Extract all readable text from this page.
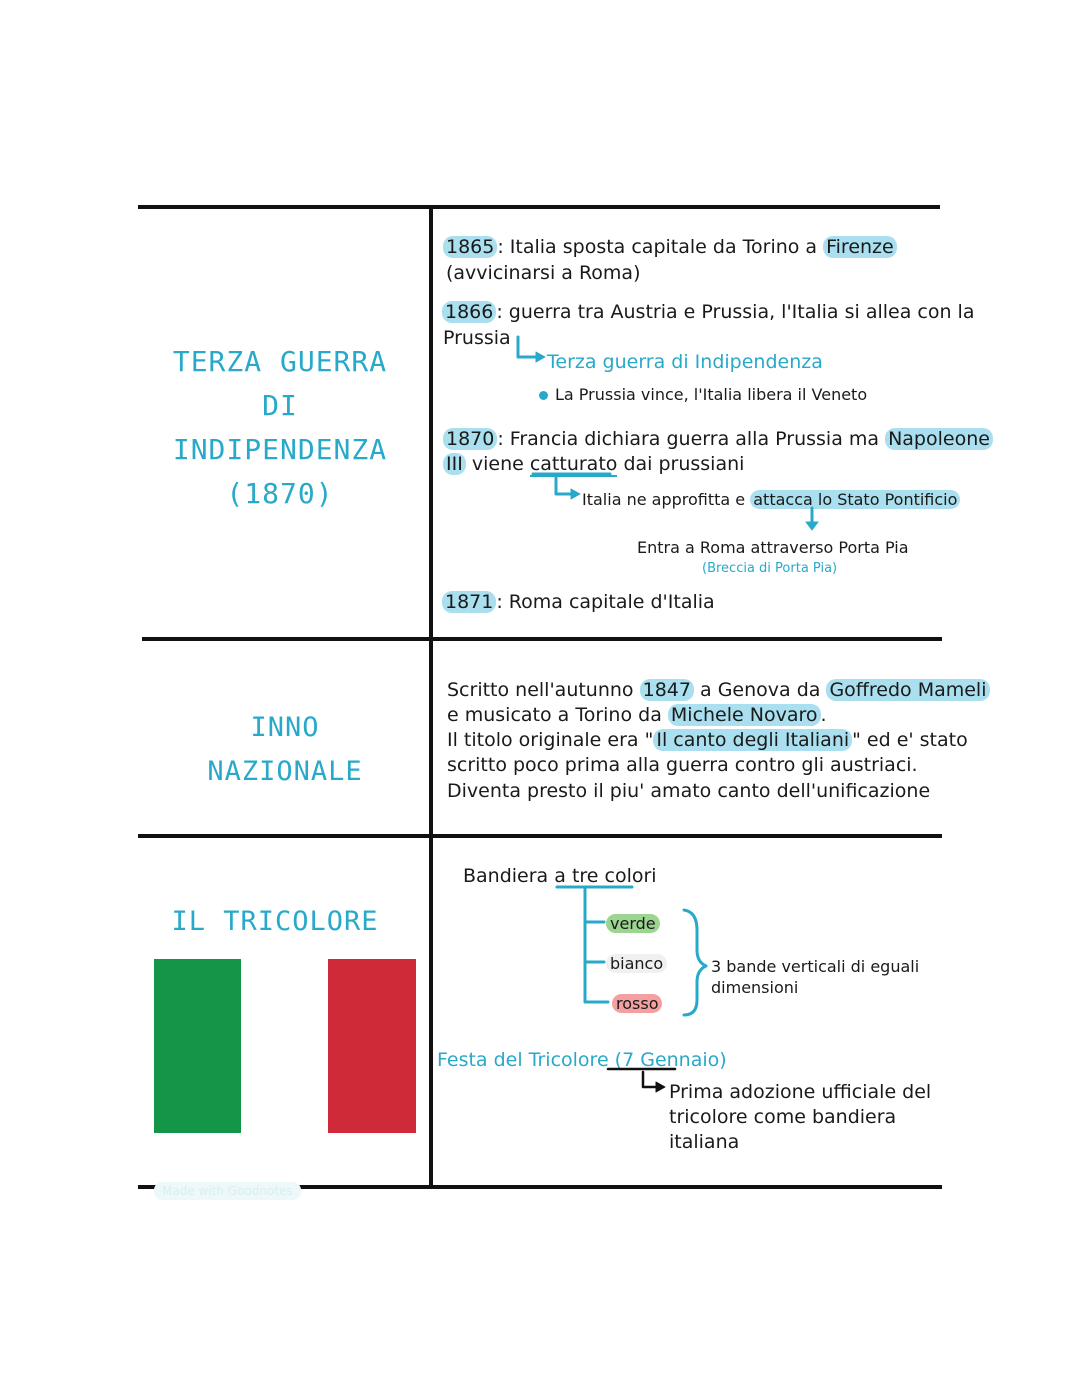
TERZA GUERRA DI
INDIPENDENZA
(1870)
1865 : Italia sposta capitale da Torino a Firenze
(avvicinarsi a Roma)
1866 : guerra tra Austria e Prussia, l'Italia si allea con la
Prussia
Terza guerra di Indipendenza
La Prussia vince, l'Italia libera il Veneto
1870 : Francia dichiara guerra alla Prussia ma Napoleone
III viene catturato dai prussiani
Italia ne approfitta e attacca lo Stato Pontificio
Entra a Roma attraverso Porta Pia
(Breccia di Porta Pia)
1871 : Roma capitale d'Italia
INNO NAZIONALE
Scritto nell'autunno 1847 a Genova da Goffredo Mameli
e musicato a Torino da Michele Novaro .
Il titolo originale era " Il canto degli Italiani " ed e' stato
scritto poco prima alla guerra contro gli austriaci.
Diventa presto il piu' amato canto dell'unificazione
IL TRICOLORE
Bandiera a tre colori
verde
bianco
rosso
3 bande verticali di eguali
dimensioni
Festa del Tricolore (7 Gennaio)
Prima adozione ufficiale del
tricolore come bandiera
italiana
Made with Goodnotes
